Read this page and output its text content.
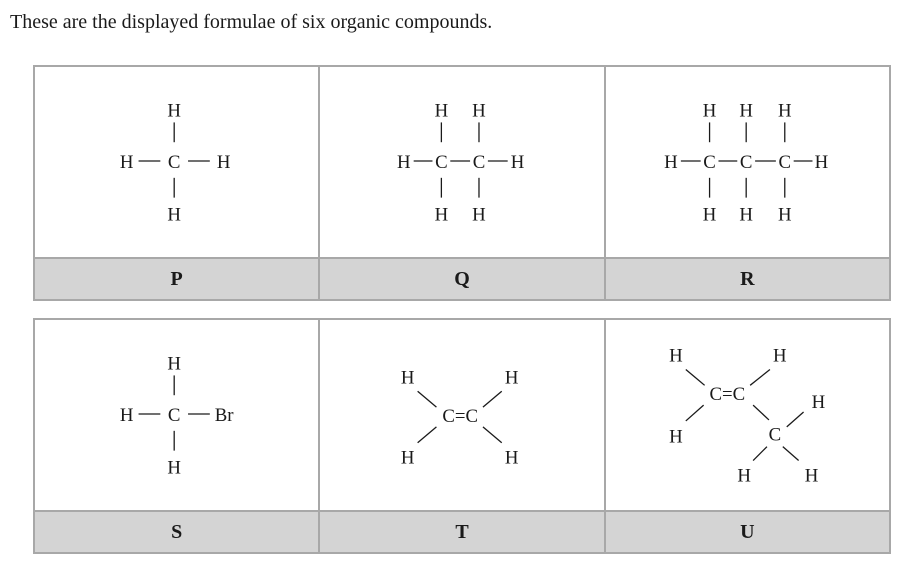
These are the displayed formulae of six organic compounds.
H
H C H
H
P
H H
H C C H
H H
Q
H H H
H C C C H
H H H
R
H
H C Br
H
S
H	H
C=C
H	H
T
H	H
C=C
H	C
H
H	H
U
